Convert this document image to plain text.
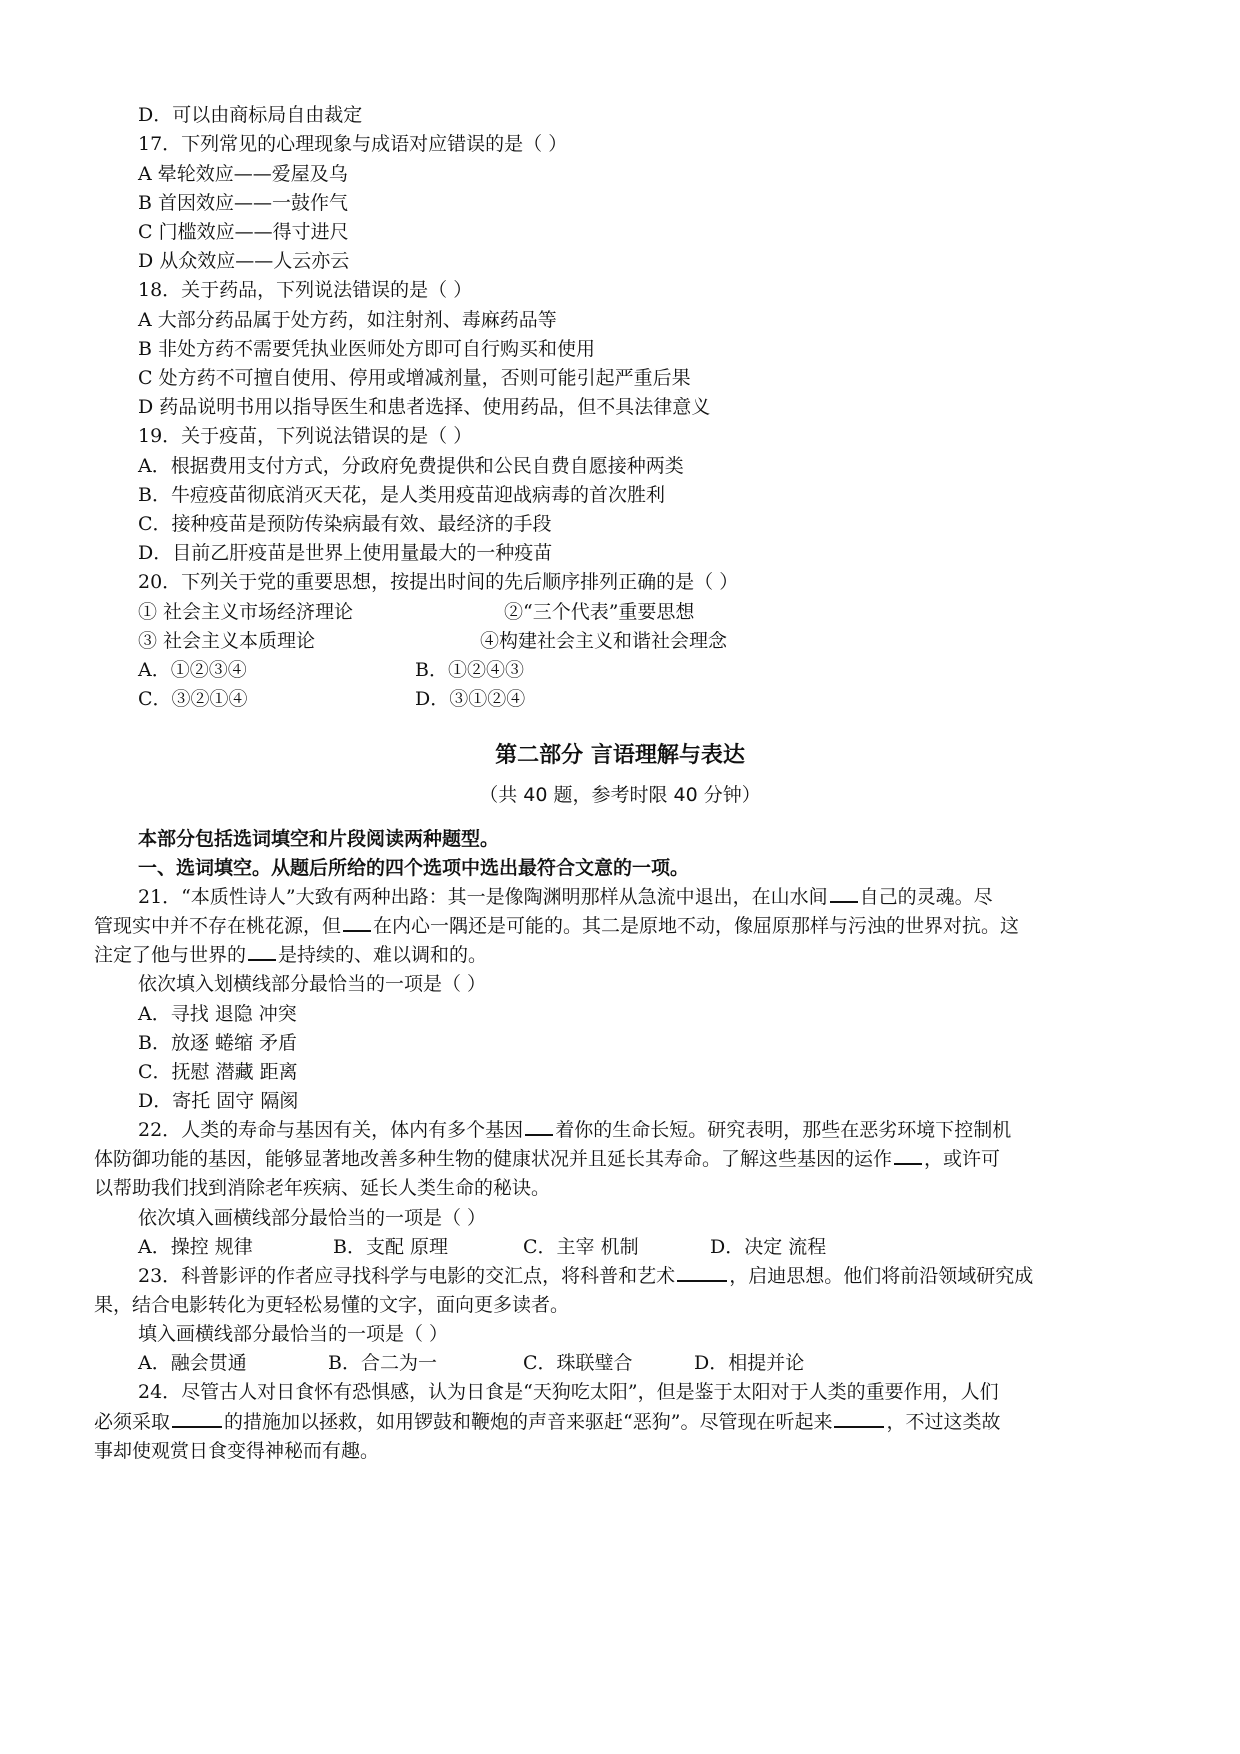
D．可以由商标局自由裁定
17．下列常见的心理现象与成语对应错误的是（ ）
A 晕轮效应——爱屋及乌
B 首因效应——一鼓作气
C 门槛效应——得寸进尺
D 从众效应——人云亦云
18．关于药品，下列说法错误的是（ ）
A 大部分药品属于处方药，如注射剂、毒麻药品等
B 非处方药不需要凭执业医师处方即可自行购买和使用
C 处方药不可擅自使用、停用或增减剂量，否则可能引起严重后果
D 药品说明书用以指导医生和患者选择、使用药品，但不具法律意义
19．关于疫苗，下列说法错误的是（ ）
A．根据费用支付方式，分政府免费提供和公民自费自愿接种两类
B．牛痘疫苗彻底消灭天花，是人类用疫苗迎战病毒的首次胜利
C．接种疫苗是预防传染病最有效、最经济的手段
D．目前乙肝疫苗是世界上使用量最大的一种疫苗
20．下列关于党的重要思想，按提出时间的先后顺序排列正确的是（ ）
① 社会主义市场经济理论	②“三个代表”重要思想
③ 社会主义本质理论	④构建社会主义和谐社会理念
A．①②③④	B．①②④③
C．③②①④	D．③①②④
第二部分 言语理解与表达
（共 40 题，参考时限 40 分钟）
本部分包括选词填空和片段阅读两种题型。
一、选词填空。从题后所给的四个选项中选出最符合文意的一项。
21．“本质性诗人”大致有两种出路：其一是像陶渊明那样从急流中退出，在山水间 自己的灵魂。尽
管现实中并不存在桃花源，但 在内心一隅还是可能的。其二是原地不动，像屈原那样与污浊的世界对抗。这
注定了他与世界的 是持续的、难以调和的。
依次填入划横线部分最恰当的一项是（ ）
A．寻找 退隐 冲突
B．放逐 蜷缩 矛盾
C．抚慰 潜藏 距离
D．寄托 固守 隔阂
22．人类的寿命与基因有关，体内有多个基因 着你的生命长短。研究表明，那些在恶劣环境下控制机
体防御功能的基因，能够显著地改善多种生物的健康状况并且延长其寿命。了解这些基因的运作 ，或许可
以帮助我们找到消除老年疾病、延长人类生命的秘诀。
依次填入画横线部分最恰当的一项是（ ）
A．操控 规律	B．支配 原理	C．主宰 机制	D．决定 流程
23．科普影评的作者应寻找科学与电影的交汇点，将科普和艺术	，启迪思想。他们将前沿领域研究成
果，结合电影转化为更轻松易懂的文字，面向更多读者。
填入画横线部分最恰当的一项是（ ）
A．融会贯通	B．合二为一	C．珠联璧合	D．相提并论
24．尽管古人对日食怀有恐惧感，认为日食是“天狗吃太阳”，但是鉴于太阳对于人类的重要作用，人们
必须采取	的措施加以拯救，如用锣鼓和鞭炮的声音来驱赶“恶狗”。尽管现在听起来	，不过这类故
事却使观赏日食变得神秘而有趣。
